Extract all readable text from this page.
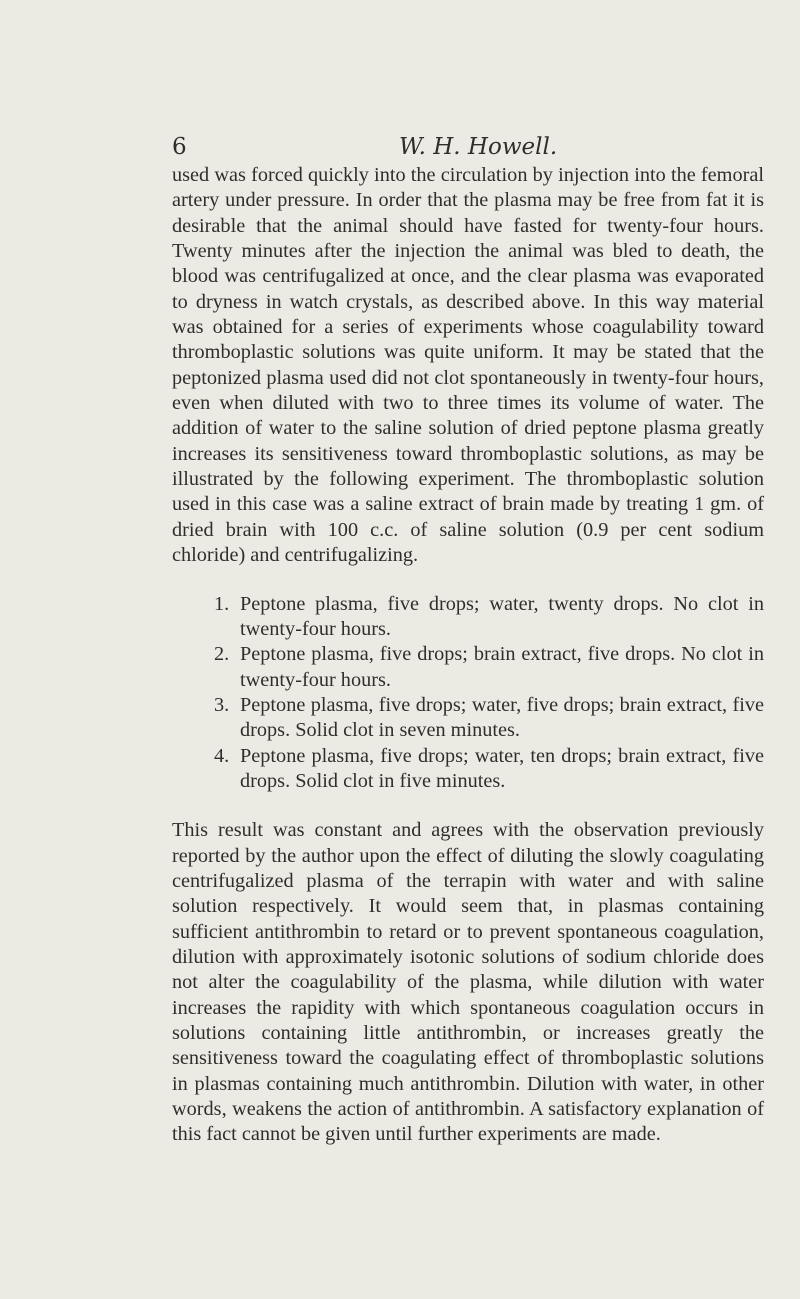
6	W. H. Howell.

used was forced quickly into the circulation by injection into the femoral artery under pressure. In order that the plasma may be free from fat it is desirable that the animal should have fasted for twenty-four hours. Twenty minutes after the injection the animal was bled to death, the blood was centrifugalized at once, and the clear plasma was evaporated to dryness in watch crystals, as described above. In this way material was obtained for a series of experiments whose coagulability toward thromboplastic solutions was quite uniform. It may be stated that the peptonized plasma used did not clot spontaneously in twenty-four hours, even when diluted with two to three times its volume of water. The addition of water to the saline solution of dried peptone plasma greatly increases its sensitiveness toward thromboplastic solutions, as may be illustrated by the following experiment. The thromboplastic solution used in this case was a saline extract of brain made by treating 1 gm. of dried brain with 100 c.c. of saline solution (0.9 per cent sodium chloride) and centrifugalizing.

1. Peptone plasma, five drops; water, twenty drops. No clot in twenty-four hours.
2. Peptone plasma, five drops; brain extract, five drops. No clot in twenty-four hours.
3. Peptone plasma, five drops; water, five drops; brain extract, five drops. Solid clot in seven minutes.
4. Peptone plasma, five drops; water, ten drops; brain extract, five drops. Solid clot in five minutes.

This result was constant and agrees with the observation previously reported by the author upon the effect of diluting the slowly coagulating centrifugalized plasma of the terrapin with water and with saline solution respectively. It would seem that, in plasmas containing sufficient antithrombin to retard or to prevent spontaneous coagulation, dilution with approximately isotonic solutions of sodium chloride does not alter the coagulability of the plasma, while dilution with water increases the rapidity with which spontaneous coagulation occurs in solutions containing little antithrombin, or increases greatly the sensitiveness toward the coagulating effect of thromboplastic solutions in plasmas containing much antithrombin. Dilution with water, in other words, weakens the action of antithrombin. A satisfactory explanation of this fact cannot be given until further experiments are made.
